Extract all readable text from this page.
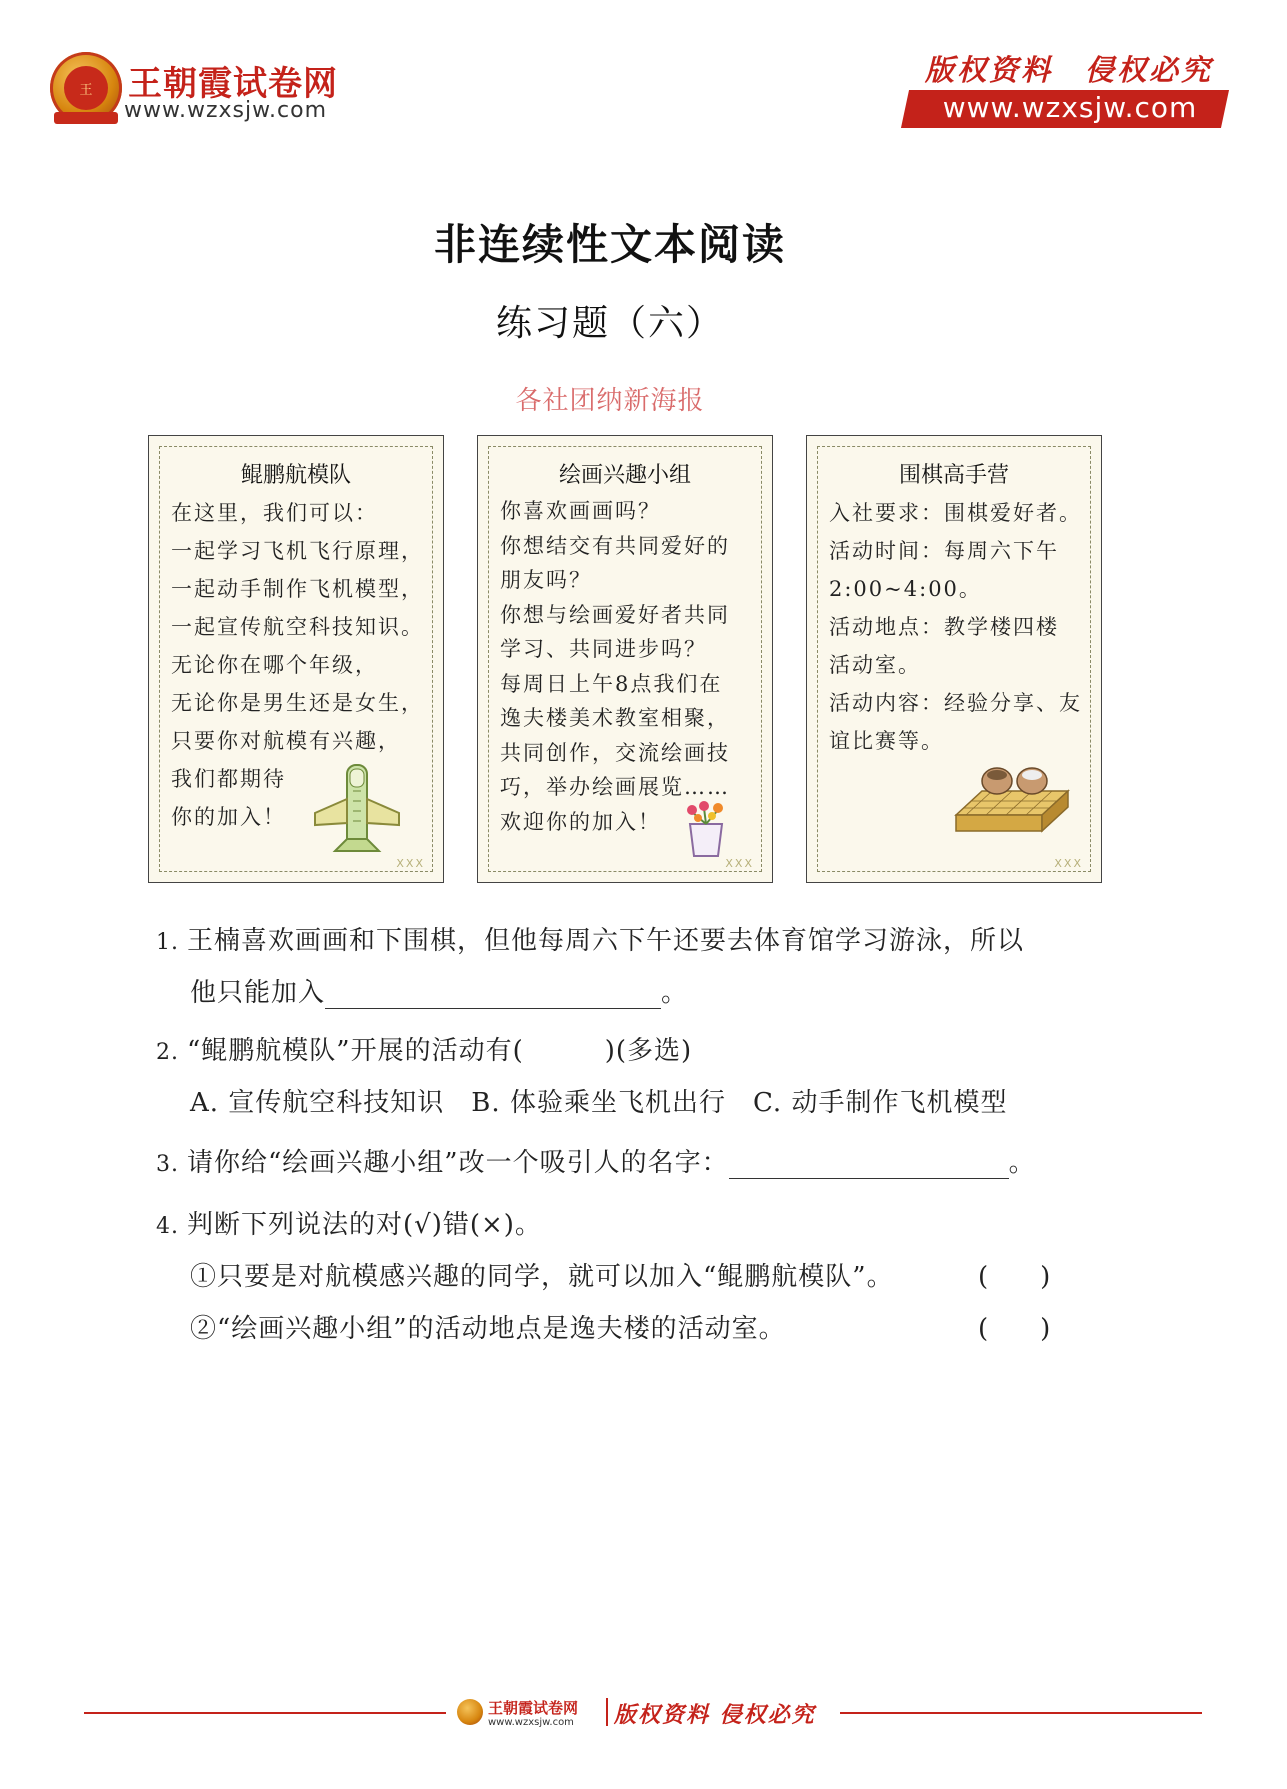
王	王朝霞试卷网
www.wzxsjw.com
版权资料　侵权必究
www.wzxsjw.com
非连续性文本阅读
练习题（六）
各社团纳新海报
鲲鹏航模队
在这里，我们可以：
一起学习飞机飞行原理，
一起动手制作飞机模型，
一起宣传航空科技知识。
无论你在哪个年级，
无论你是男生还是女生，
只要你对航模有兴趣，
我们都期待
你的加入！
XXX
绘画兴趣小组
你喜欢画画吗？
你想结交有共同爱好的
朋友吗？
你想与绘画爱好者共同
学习、共同进步吗？
每周日上午8点我们在
逸夫楼美术教室相聚，
共同创作，交流绘画技
巧，举办绘画展览……
欢迎你的加入！
XXX
围棋高手营
入社要求：围棋爱好者。
活动时间：每周六下午
2:00~4:00。
活动地点：教学楼四楼
活动室。
活动内容：经验分享、友
谊比赛等。
XXX
1. 王楠喜欢画画和下围棋，但他每周六下午还要去体育馆学习游泳，所以
他只能加入	。
2. “鲲鹏航模队”开展的活动有(　　　)(多选)
A. 宣传航空科技知识　B. 体验乘坐飞机出行　C. 动手制作飞机模型
3. 请你给“绘画兴趣小组”改一个吸引人的名字：	。
4. 判断下列说法的对(√)错(×)。
①只要是对航模感兴趣的同学，就可以加入“鲲鹏航模队”。	(　　)
②“绘画兴趣小组”的活动地点是逸夫楼的活动室。	(　　)
王朝霞试卷网
www.wzxsjw.com 版权资料 侵权必究
